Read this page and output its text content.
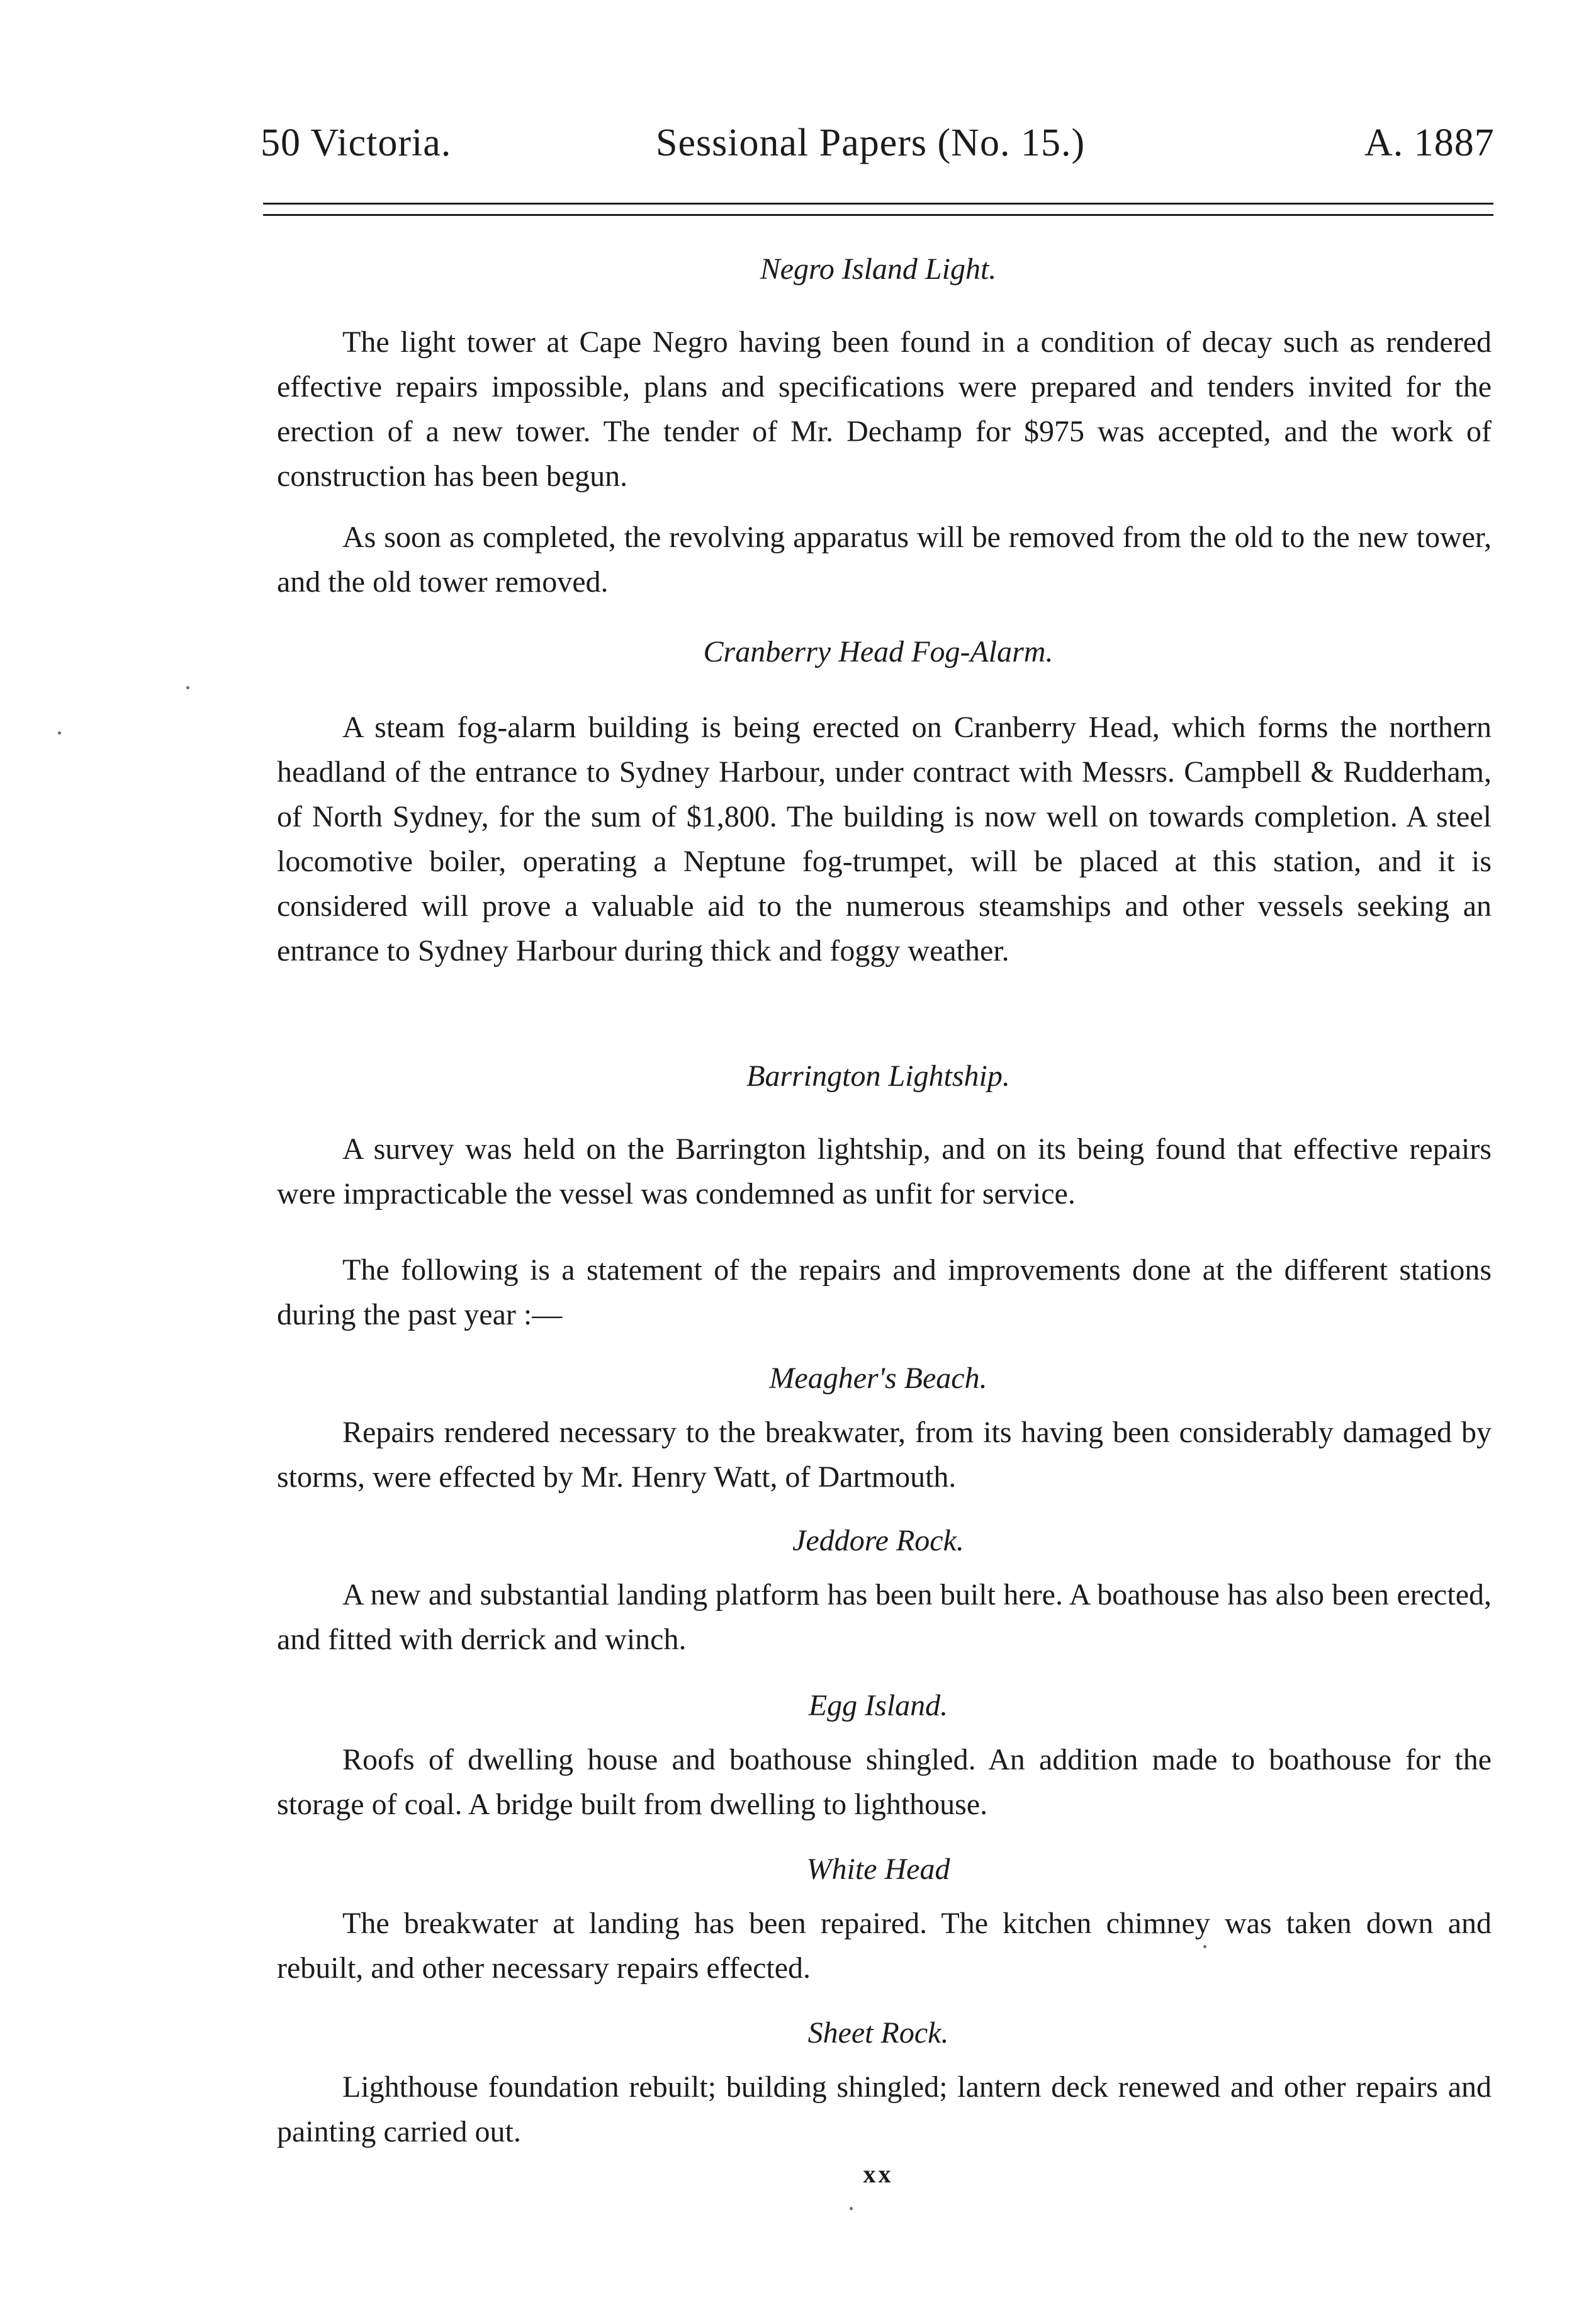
50 Victoria.	Sessional Papers (No. 15.)	A. 1887
Negro Island Light.

The light tower at Cape Negro having been found in a condition of decay such as rendered effective repairs impossible, plans and specifications were prepared and tenders invited for the erection of a new tower. The tender of Mr. Dechamp for $975 was accepted, and the work of construction has been begun.

As soon as completed, the revolving apparatus will be removed from the old to the new tower, and the old tower removed.

Cranberry Head Fog-Alarm.

A steam fog-alarm building is being erected on Cranberry Head, which forms the northern headland of the entrance to Sydney Harbour, under contract with Messrs. Campbell & Rudderham, of North Sydney, for the sum of $1,800. The building is now well on towards completion. A steel locomotive boiler, operating a Neptune fog-trumpet, will be placed at this station, and it is considered will prove a valuable aid to the numerous steamships and other vessels seeking an entrance to Sydney Harbour during thick and foggy weather.

Barrington Lightship.

A survey was held on the Barrington lightship, and on its being found that effective repairs were impracticable the vessel was condemned as unfit for service.

The following is a statement of the repairs and improvements done at the different stations during the past year :—

Meagher's Beach.

Repairs rendered necessary to the breakwater, from its having been considerably damaged by storms, were effected by Mr. Henry Watt, of Dartmouth.

Jeddore Rock.

A new and substantial landing platform has been built here. A boathouse has also been erected, and fitted with derrick and winch.

Egg Island.

Roofs of dwelling house and boathouse shingled. An addition made to boathouse for the storage of coal. A bridge built from dwelling to lighthouse.

White Head

The breakwater at landing has been repaired. The kitchen chimney was taken down and rebuilt, and other necessary repairs effected.

Sheet Rock.

Lighthouse foundation rebuilt; building shingled; lantern deck renewed and other repairs and painting carried out.

xx
